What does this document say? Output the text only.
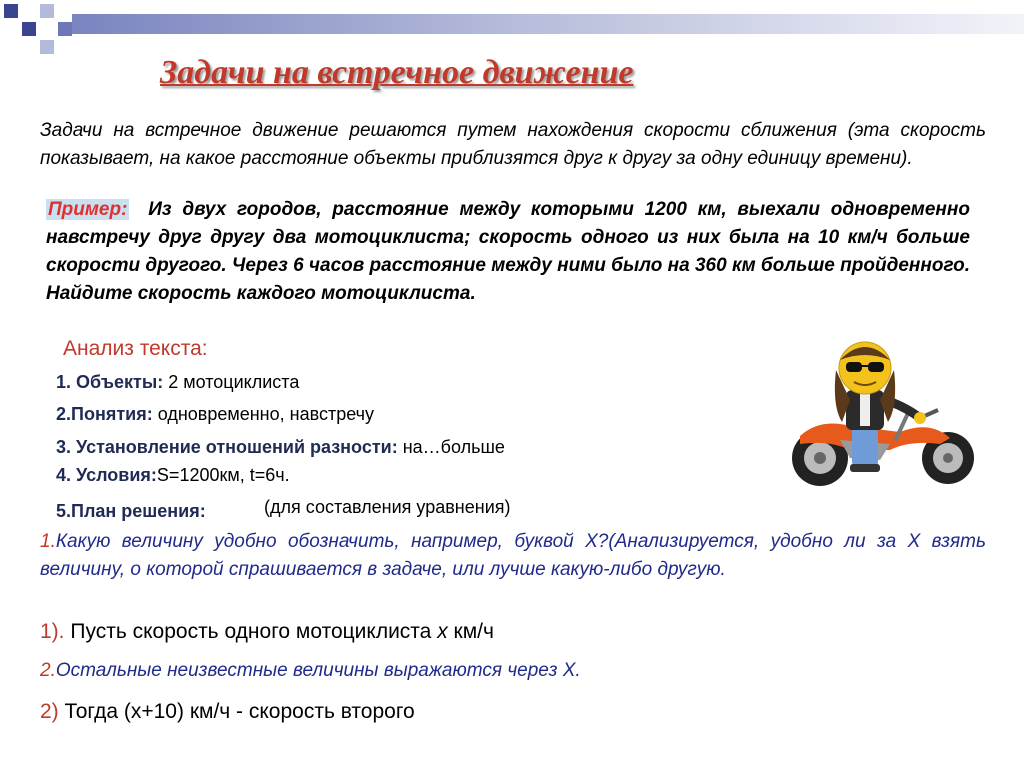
Задачи на встречное движение
Задачи на встречное движение решаются путем нахождения скорости сближения (эта скорость показывает, на какое расстояние объекты приблизятся друг к другу за одну единицу времени).
Пример: Из двух городов, расстояние между которыми 1200 км, выехали одновременно навстречу друг другу два мотоциклиста; скорость одного из них была на 10 км/ч больше скорости другого. Через 6 часов расстояние между ними было на 360 км больше пройденного. Найдите скорость каждого мотоциклиста.
Анализ текста:
1. Объекты: 2 мотоциклиста
2.Понятия: одновременно, навстречу
3. Установление отношений разности: на…больше
4. Условия:S=1200км, t=6ч.
5.План решения:	(для составления уравнения)
1.Какую величину удобно обозначить, например, буквой Х?(Анализируется, удобно ли за Х взять величину, о которой спрашивается в задаче, или лучше какую-либо другую.
1). Пусть скорость одного мотоциклиста x км/ч
2.Остальные неизвестные величины выражаются через Х.
2) Тогда (х+10) км/ч - скорость второго
